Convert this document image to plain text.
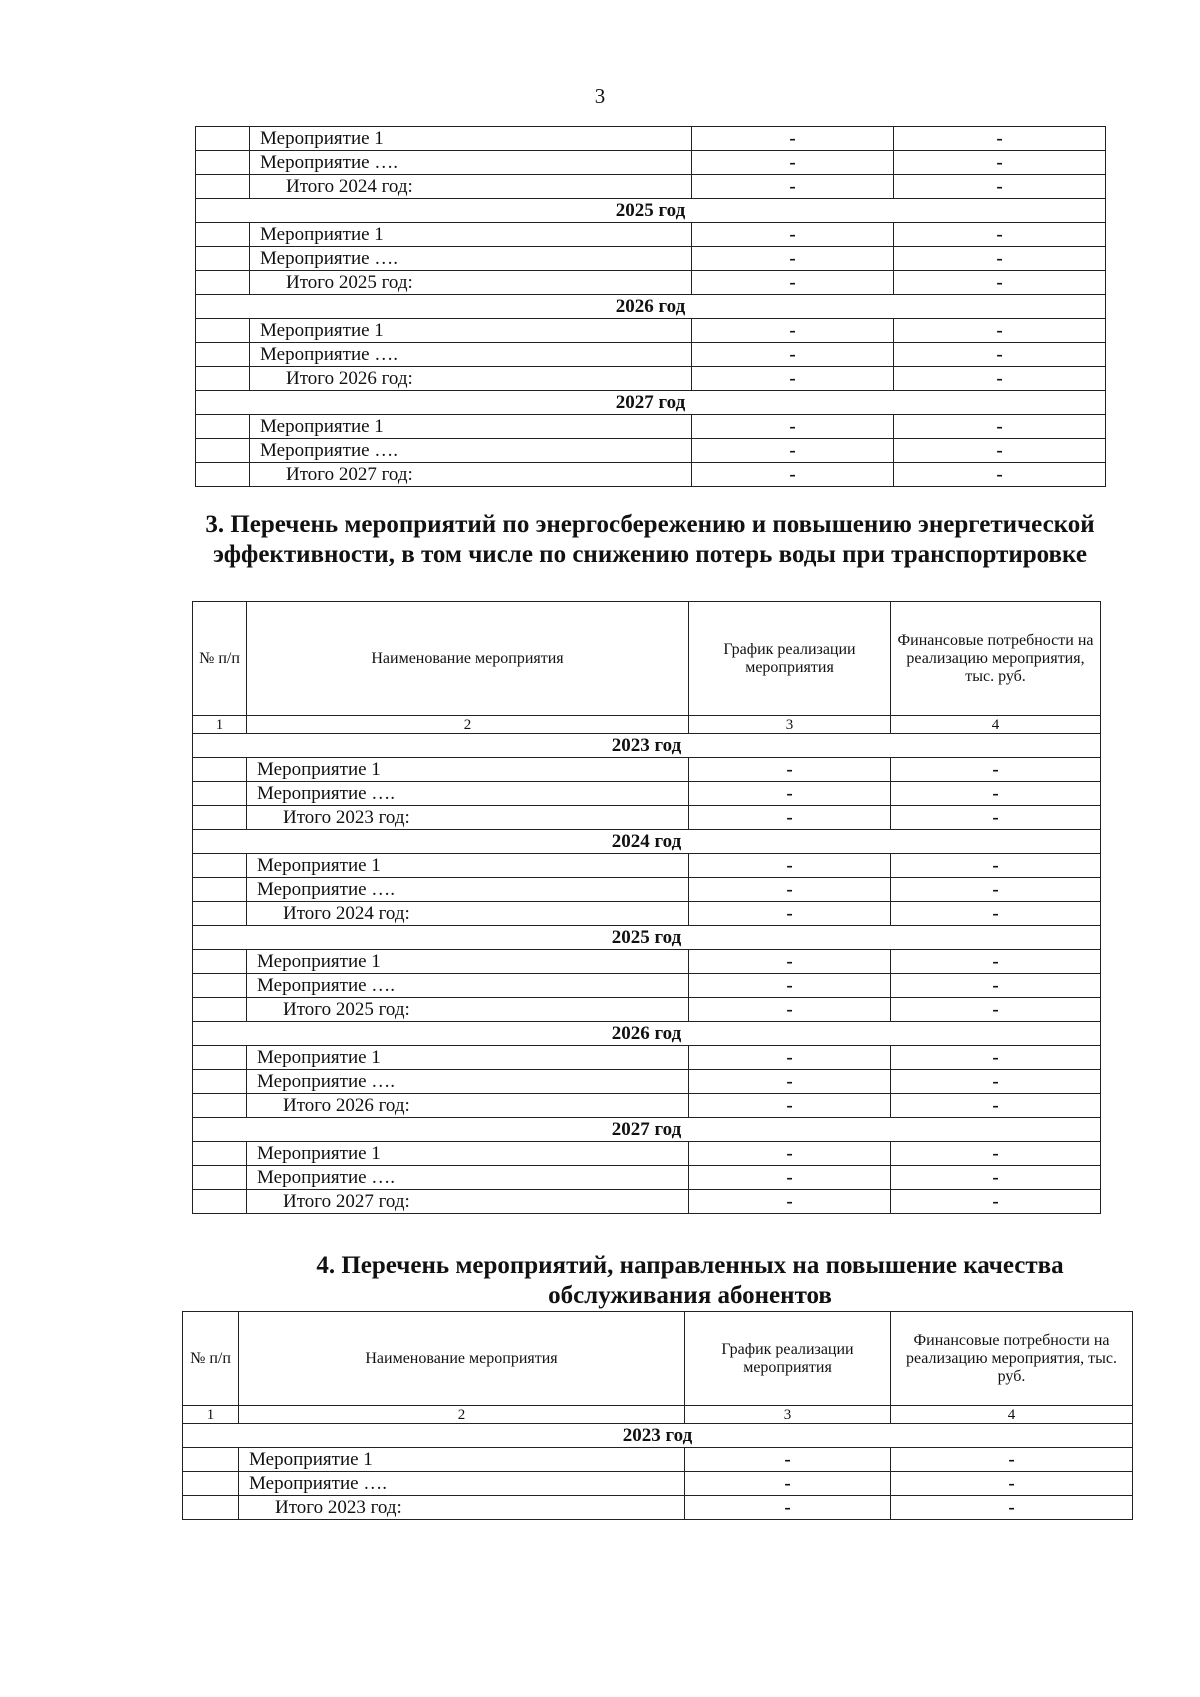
3
	Мероприятие 1	-	-
	Мероприятие ….	-	-
	Итого 2024 год:	-	-
2025 год			
	Мероприятие 1	-	-
	Мероприятие ….	-	-
	Итого 2025 год:	-	-
2026 год			
	Мероприятие 1	-	-
	Мероприятие ….	-	-
	Итого 2026 год:	-	-
2027 год			
	Мероприятие 1	-	-
	Мероприятие ….	-	-
	Итого 2027 год:	-	-
3. Перечень мероприятий по энергосбережению и повышению энергетической эффективности, в том числе по снижению потерь воды при транспортировке
№ п/п	Наименование мероприятия	График реализации мероприятия	Финансовые потребности на реализацию мероприятия, тыс. руб.
1	2	3	4
2023 год			
	Мероприятие 1	-	-
	Мероприятие ….	-	-
	Итого 2023 год:	-	-
2024 год			
	Мероприятие 1	-	-
	Мероприятие ….	-	-
	Итого 2024 год:	-	-
2025 год			
	Мероприятие 1	-	-
	Мероприятие ….	-	-
	Итого 2025 год:	-	-
2026 год			
	Мероприятие 1	-	-
	Мероприятие ….	-	-
	Итого 2026 год:	-	-
2027 год			
	Мероприятие 1	-	-
	Мероприятие ….	-	-
	Итого 2027 год:	-	-
4. Перечень мероприятий, направленных на повышение качества обслуживания абонентов
№ п/п	Наименование мероприятия	График реализации мероприятия	Финансовые потребности на реализацию мероприятия, тыс. руб.
1	2	3	4
2023 год			
	Мероприятие 1	-	-
	Мероприятие ….	-	-
	Итого 2023 год:	-	-
